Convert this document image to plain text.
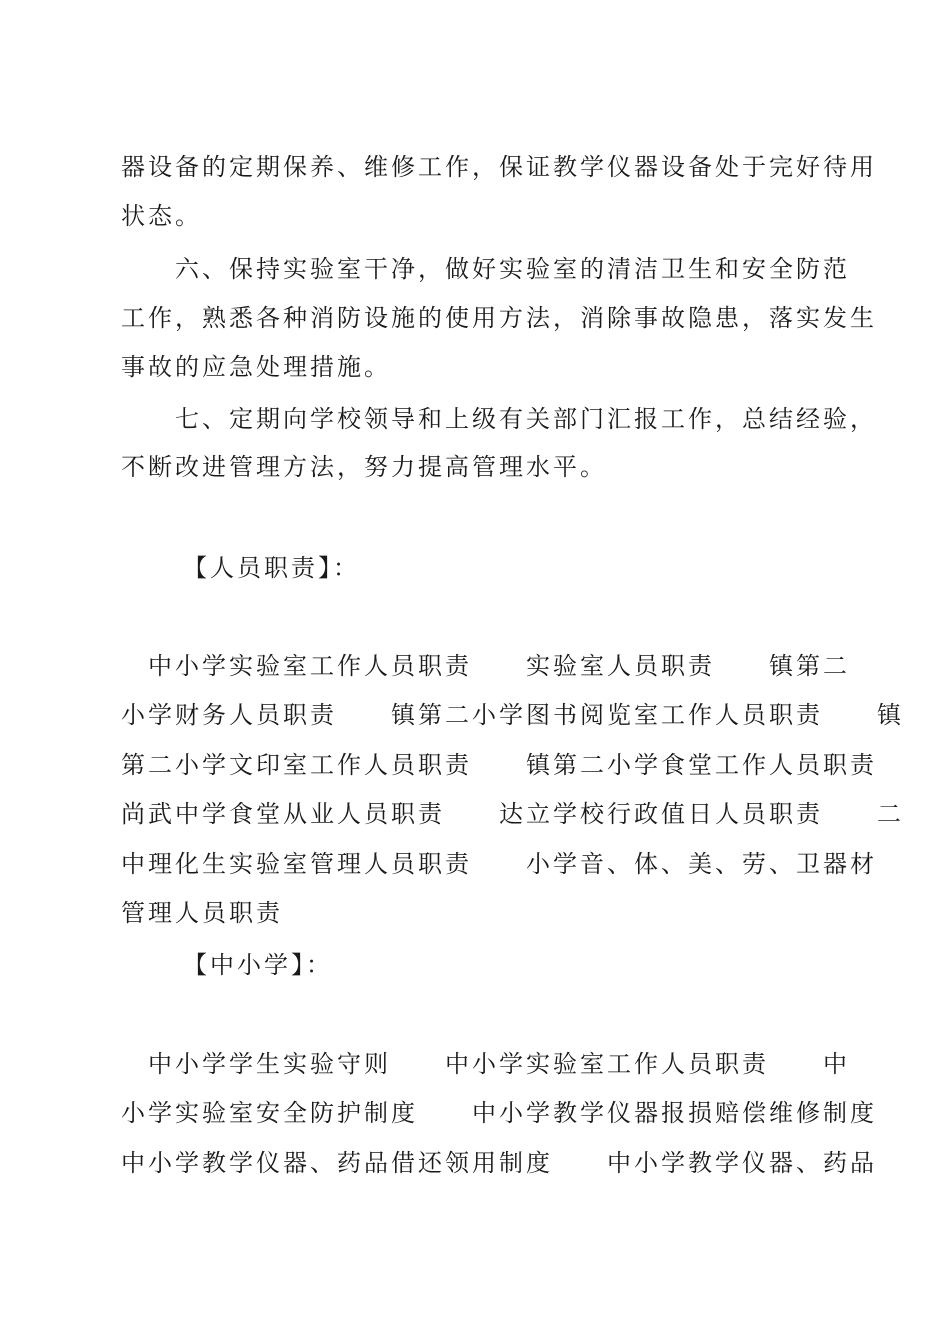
器设备的定期保养、维修工作，保证教学仪器设备处于完好待用
状态。
　　六、保持实验室干净，做好实验室的清洁卫生和安全防范
工作，熟悉各种消防设施的使用方法，消除事故隐患，落实发生
事故的应急处理措施。
　　七、定期向学校领导和上级有关部门汇报工作，总结经验，
不断改进管理方法，努力提高管理水平。
【人员职责】：
　中小学实验室工作人员职责　　实验室人员职责　　镇第二
小学财务人员职责　　镇第二小学图书阅览室工作人员职责　　镇
第二小学文印室工作人员职责　　镇第二小学食堂工作人员职责
尚武中学食堂从业人员职责　　达立学校行政值日人员职责　　二
中理化生实验室管理人员职责　　小学音、体、美、劳、卫器材
管理人员职责
【中小学】：
　中小学学生实验守则　　中小学实验室工作人员职责　　中
小学实验室安全防护制度　　中小学教学仪器报损赔偿维修制度
中小学教学仪器、药品借还领用制度　　中小学教学仪器、药品
